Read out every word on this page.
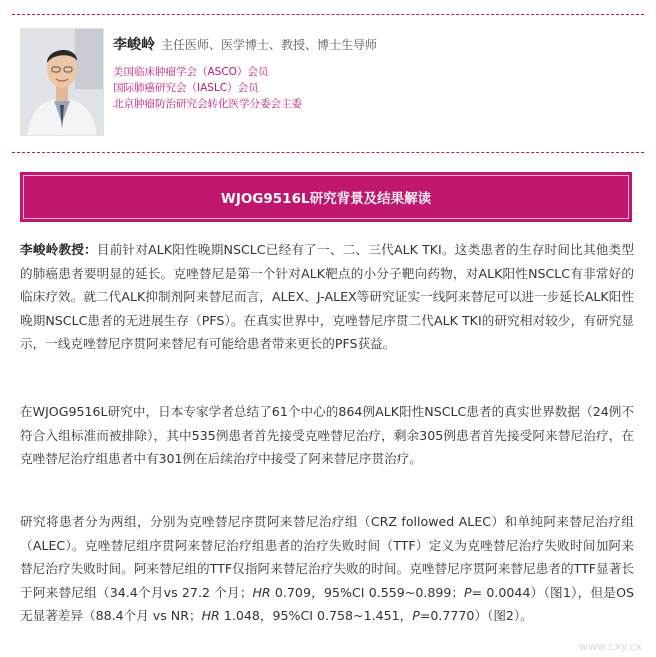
李峻岭 主任医师、医学博士、教授、博士生导师
美国临床肿瘤学会（ASCO）会员
国际肺癌研究会（IASLC）会员
北京肿瘤防治研究会转化医学分委会主委
WJOG9516L研究背景及结果解读
李峻岭教授：目前针对ALK阳性晚期NSCLC已经有了一、二、三代ALK TKI。这类患者的生存时间比其他类型的肺癌患者要明显的延长。克唑替尼是第一个针对ALK靶点的小分子靶向药物，对ALK阳性NSCLC有非常好的临床疗效。就二代ALK抑制剂阿来替尼而言，ALEX、J-ALEX等研究证实一线阿来替尼可以进一步延长ALK阳性晚期NSCLC患者的无进展生存（PFS）。在真实世界中，克唑替尼序贯二代ALK TKI的研究相对较少，有研究显示，一线克唑替尼序贯阿来替尼有可能给患者带来更长的PFS获益。
在WJOG9516L研究中，日本专家学者总结了61个中心的864例ALK阳性NSCLC患者的真实世界数据（24例不符合入组标准而被排除），其中535例患者首先接受克唑替尼治疗，剩余305例患者首先接受阿来替尼治疗，在克唑替尼治疗组患者中有301例在后续治疗中接受了阿来替尼序贯治疗。
研究将患者分为两组，分别为克唑替尼序贯阿来替尼治疗组（CRZ followed ALEC）和单纯阿来替尼治疗组（ALEC）。克唑替尼组序贯阿来替尼治疗组患者的治疗失败时间（TTF）定义为克唑替尼治疗失败时间加阿来替尼治疗失败时间。阿来替尼组的TTF仅指阿来替尼治疗失败的时间。克唑替尼序贯阿来替尼患者的TTF显著长于阿来替尼组（34.4个月vs 27.2 个月；HR 0.709，95%CI 0.559~0.899；P= 0.0044）（图1），但是OS无显著差异（88.4个月 vs NR；HR 1.048，95%CI 0.758~1.451，P=0.7770）（图2）。
www.cxy.cx
